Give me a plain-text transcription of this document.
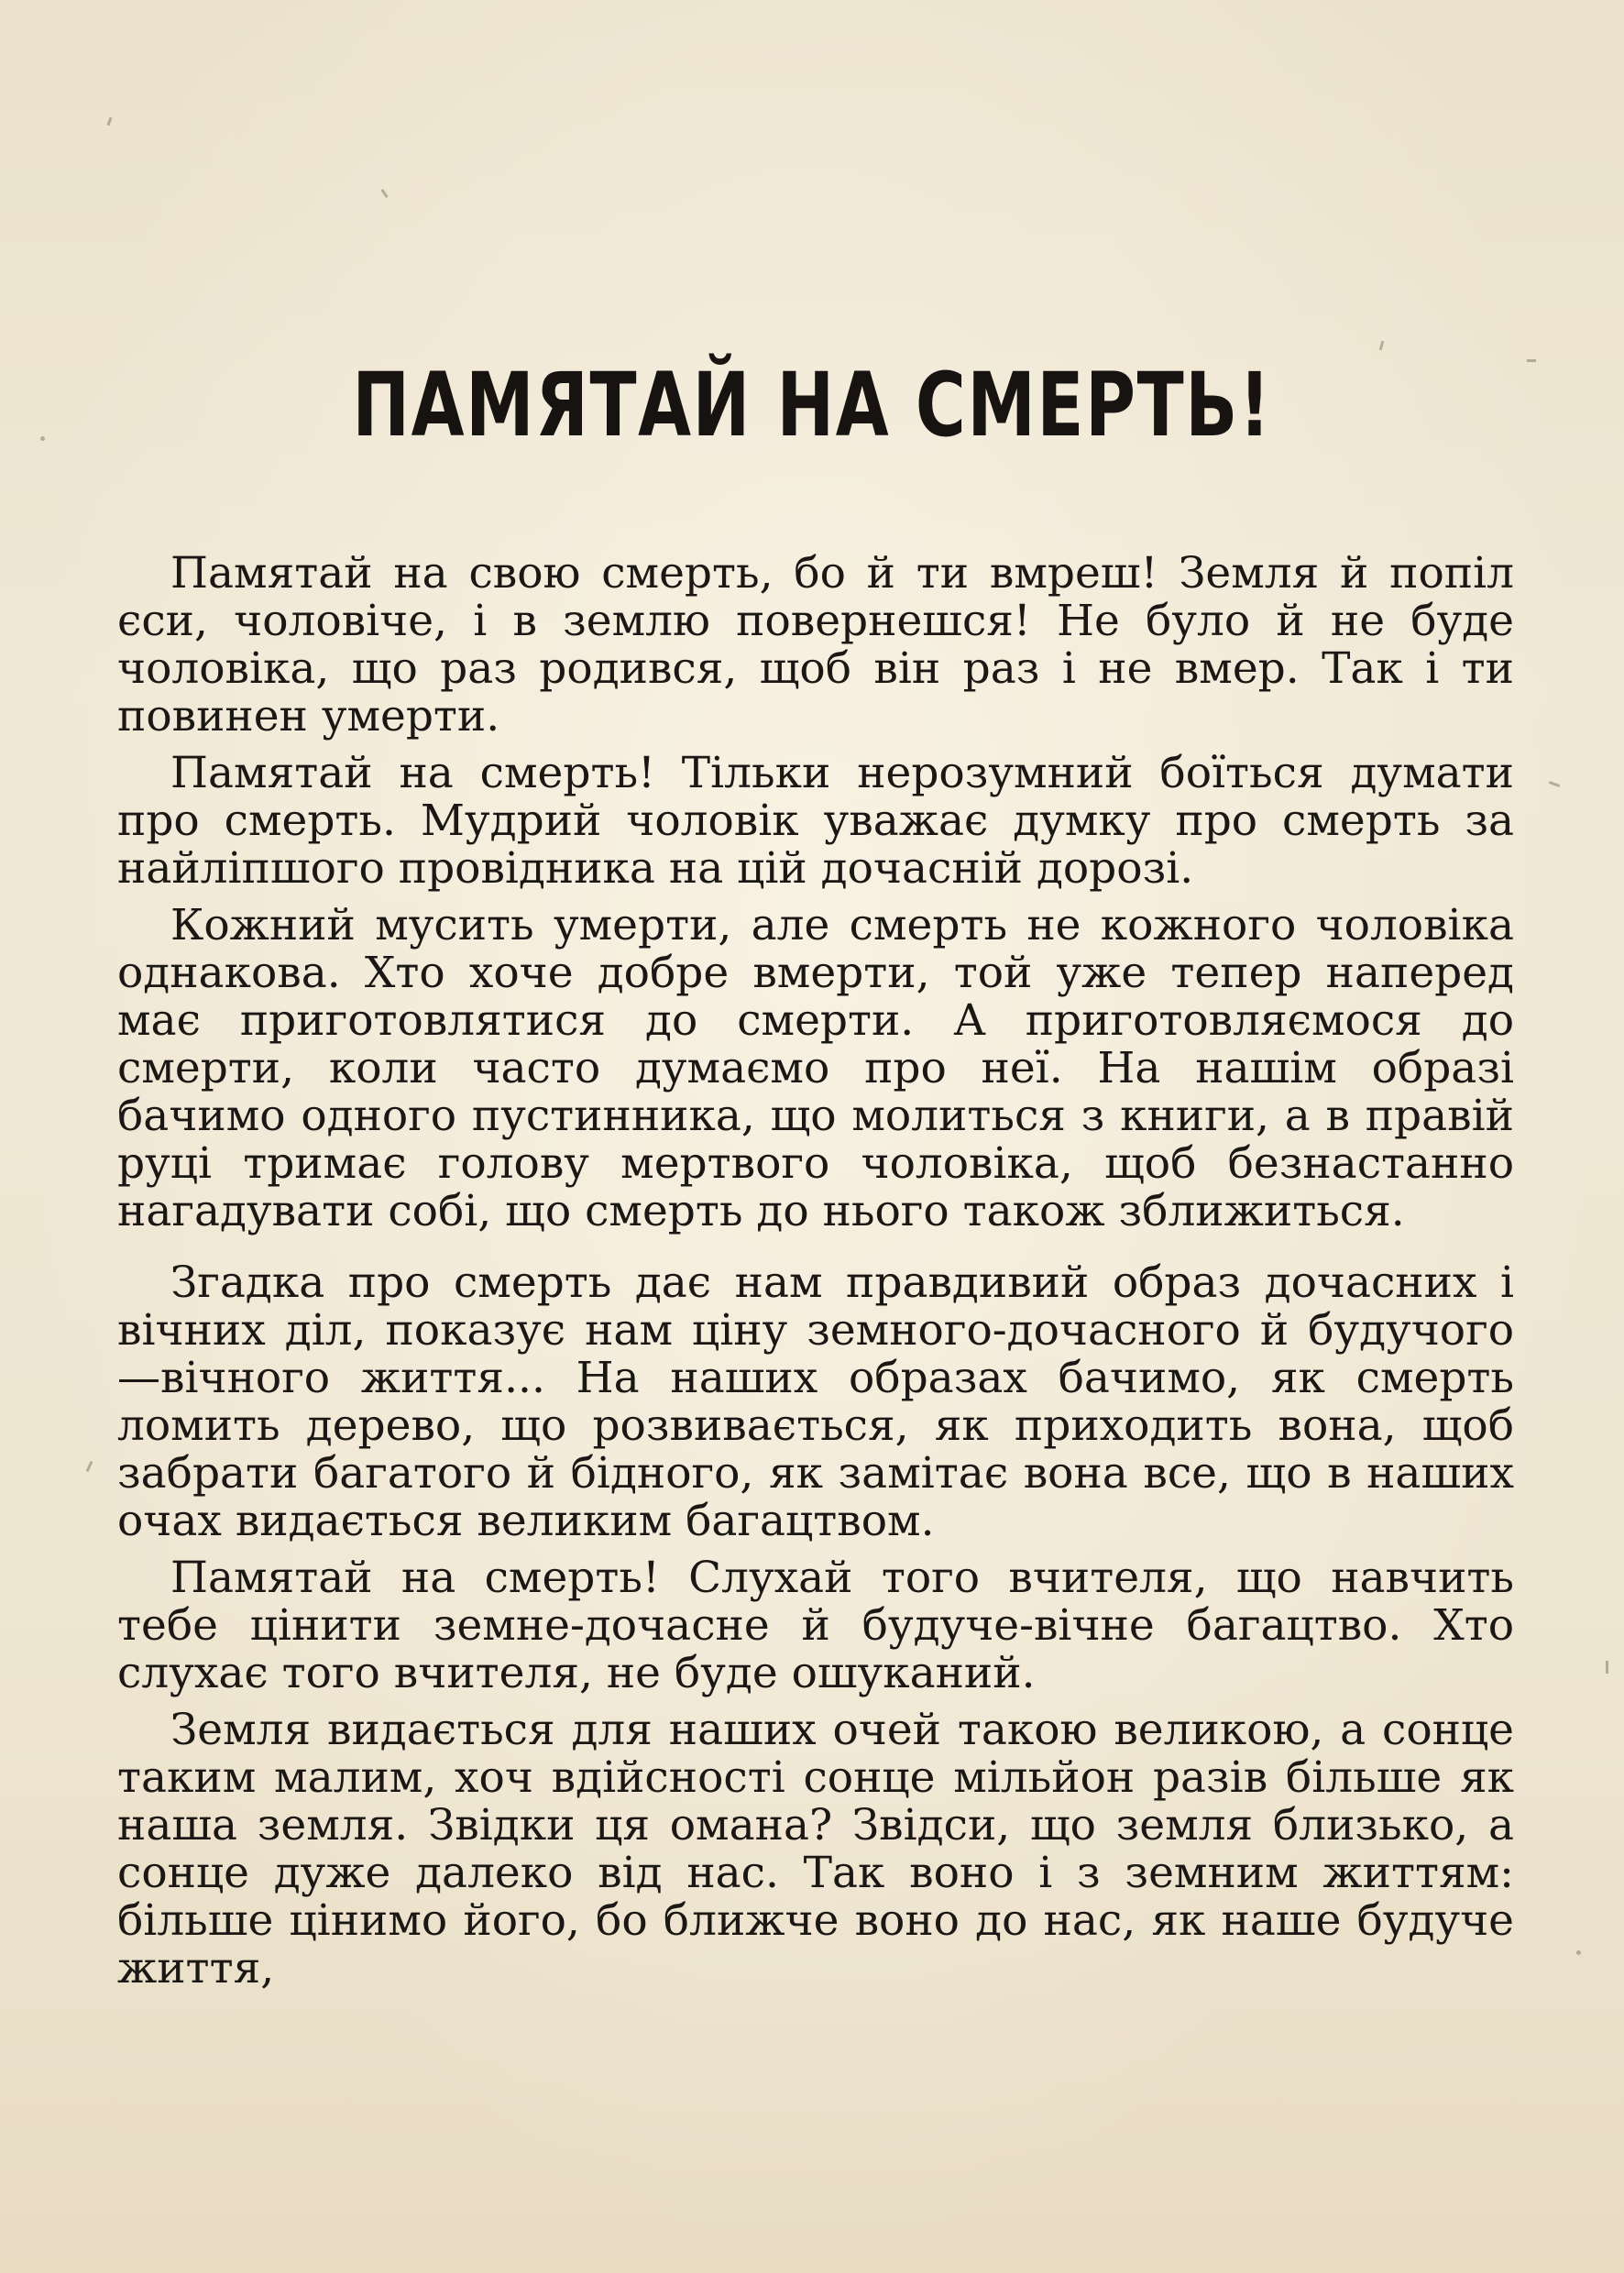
ПАМЯТАЙ НА СМЕРТЬ!

Памятай на свою смерть, бо й ти вмреш! Земля й попіл єси, чоловіче, і в землю повернешся! Не було й не буде чоловіка, що раз родився, щоб він раз і не вмер. Так і ти повинен умерти.

Памятай на смерть! Тільки нерозумний боїться думати про смерть. Мудрий чоловік уважає думку про смерть за найліпшого провідника на цій дочасній дорозі.

Кожний мусить умерти, але смерть не кожного чоловіка однакова. Хто хоче добре вмерти, той уже тепер наперед має приготовлятися до смерти. А приготовляємося до смерти, коли часто думаємо про неї. На нашім образі бачимо одного пустинника, що молиться з книги, а в правій руці тримає голову мертвого чоловіка, щоб безнастанно нагадувати собі, що смерть до нього також зближиться.

Згадка про смерть дає нам правдивий образ дочасних і вічних діл, показує нам ціну земного-дочасного й будучого—вічного життя... На наших образах бачимо, як смерть ломить дерево, що розвивається, як приходить вона, щоб забрати багатого й бідного, як замітає вона все, що в наших очах видається великим багацтвом.

Памятай на смерть! Слухай того вчителя, що навчить тебе цінити земне-дочасне й будуче-вічне багацтво. Хто слухає того вчителя, не буде ошуканий.

Земля видається для наших очей такою великою, а сонце таким малим, хоч вдійсності сонце мільйон разів більше як наша земля. Звідки ця омана? Звідси, що земля близько, а сонце дуже далеко від нас. Так воно і з земним життям: більше цінимо його, бо ближче воно до нас, як наше будуче життя,
